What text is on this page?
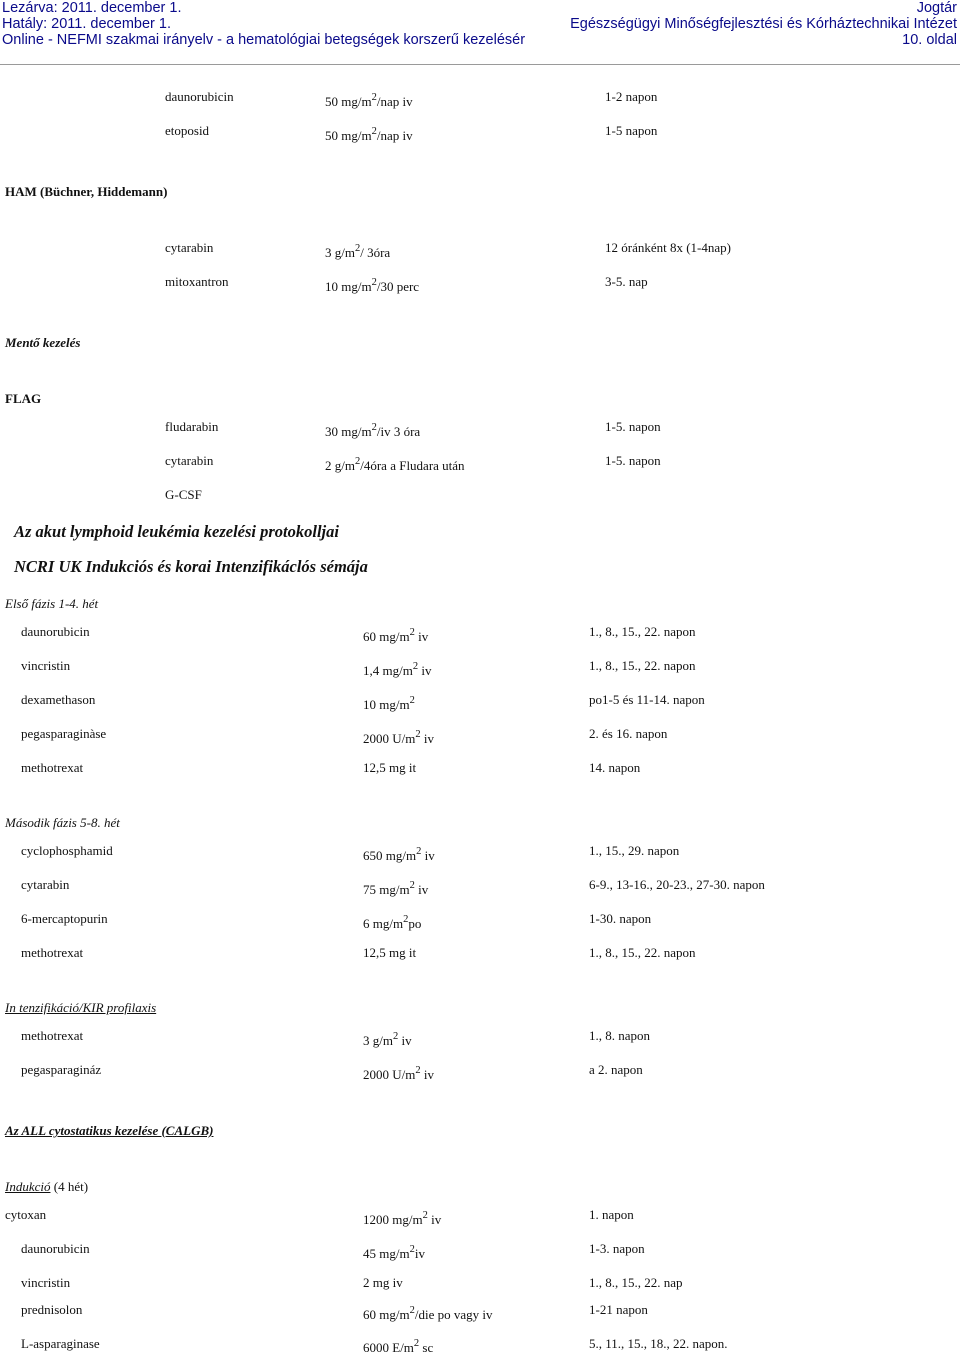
Lezárva: 2011. december 1.
Hatály: 2011. december 1.
Online - NEFMI szakmai irányelv - a hematológiai betegségek korszerű kezelésér
Jogtár
Egészségügyi Minőségfejlesztési és Kórháztechnikai Intézet
10. oldal
daunorubicin	50 $mg/m^2$/nap iv	1-2 napon
etoposid	50 $mg/m^2$/nap iv	1-5 napon
HAM (Büchner, Hiddemann)
cytarabin	3 $g/m^2/$ 3óra	12 óránként 8x (1-4nap)
mitoxantron	10 $mg/m^2/30$ perc	3-5. nap
Mentő kezelés
FLAG
fludarabin	30 $mg/m^2/iv$ 3 óra	1-5. napon
cytarabin	2 $g/m^2/4óra$ a Fludara után	1-5. napon
G-CSF
Az akut lymphoid leukémia kezelési protokolljai
NCRI UK Indukciós és korai Intenzifikáclós sémája
Első fázis 1-4. hét
daunorubicin	60 $mg/m^2$ iv	1., 8., 15., 22. napon
vincristin	1,4 $mg/m^2$ iv	1., 8., 15., 22. napon
dexamethason	10 $mg/m^2$	po1-5 és 11-14. napon
pegasparaginàse	2000 $U/m^2$ iv	2. és 16. napon
methotrexat	12,5 mg it	14. napon
Második fázis 5-8. hét
cyclophosphamid	650 $mg/m^2$ iv	1., 15., 29. napon
cytarabin	75 $mg/m^2$ iv	6-9., 13-16., 20-23., 27-30. napon
6-mercaptopurin	6 $mg/m^2po$	1-30. napon
methotrexat	12,5 mg it	1., 8., 15., 22. napon
In tenzifikáció/KIR profilaxis
methotrexat	3 $g/m^2$ iv	1., 8. napon
pegasparagináz	2000 $U/m^2$ iv	a 2. napon
Az ALL cytostatikus kezelése (CALGB)
Indukció (4 hét)
cytoxan	1200 $mg/m^2$ iv	1. napon
daunorubicin	45 $mg/m^2iv$	1-3. napon
vincristin	2 mg iv	1., 8., 15., 22. nap
prednisolon	60 $mg/m^2$/die po vagy iv	1-21 napon
L-asparaginase	6000 $E/m^2$ sc	5., 11., 15., 18., 22. napon.
